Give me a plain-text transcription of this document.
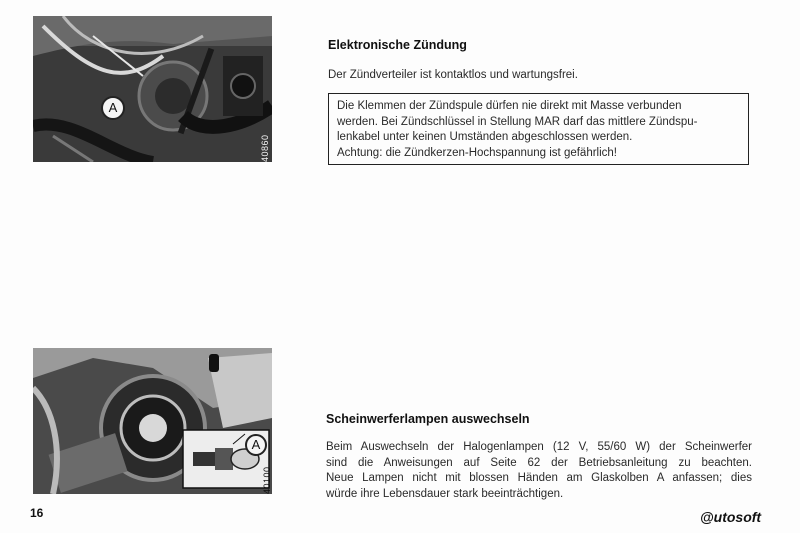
A
40860
Elektronische Zündung
Der Zündverteiler ist kontaktlos und wartungsfrei.
Die Klemmen der Zündspule dürfen nie direkt mit Masse verbunden
werden. Bei Zündschlüssel in Stellung MAR darf das mittlere Zündspu-
lenkabel unter keinen Umständen abgeschlossen werden.
Achtung: die Zündkerzen-Hochspannung ist gefährlich!
A
40100
Scheinwerferlampen auswechseln
Beim Auswechseln der Halogenlampen (12 V, 55/60 W) der Scheinwerfer
sind die Anweisungen auf Seite 62 der Betriebsanleitung zu beachten.
Neue Lampen nicht mit blossen Händen am Glaskolben A anfassen; dies
würde ihre Lebensdauer stark beeinträchtigen.
16	@utosoft
